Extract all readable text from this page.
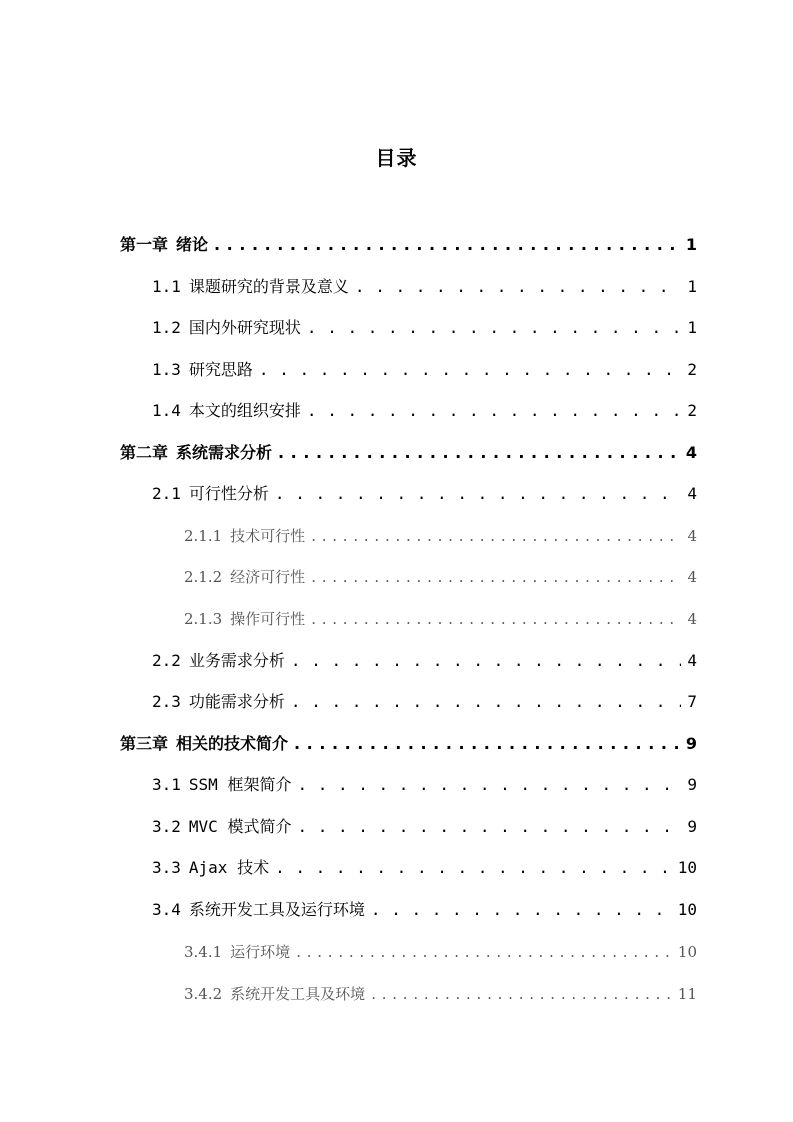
目录
第一章 绪论 . . .	1
1.1 课题研究的背景及意义 . . .	1
1.2 国内外研究现状 . . .	1
1.3 研究思路 . . .	2
1.4 本文的组织安排 . . .	2
第二章 系统需求分析 . . .	4
2.1 可行性分析 . . .	4
2.1.1 技术可行性 . . .	4
2.1.2 经济可行性 . . .	4
2.1.3 操作可行性 . . .	4
2.2 业务需求分析 . . .	4
2.3 功能需求分析 . . .	7
第三章 相关的技术简介 . . .	9
3.1 SSM 框架简介 . . .	9
3.2 MVC 模式简介 . . .	9
3.3 Ajax 技术 . . .	10
3.4 系统开发工具及运行环境 . . .	10
3.4.1 运行环境 . . .	10
3.4.2 系统开发工具及环境 . . .	11
